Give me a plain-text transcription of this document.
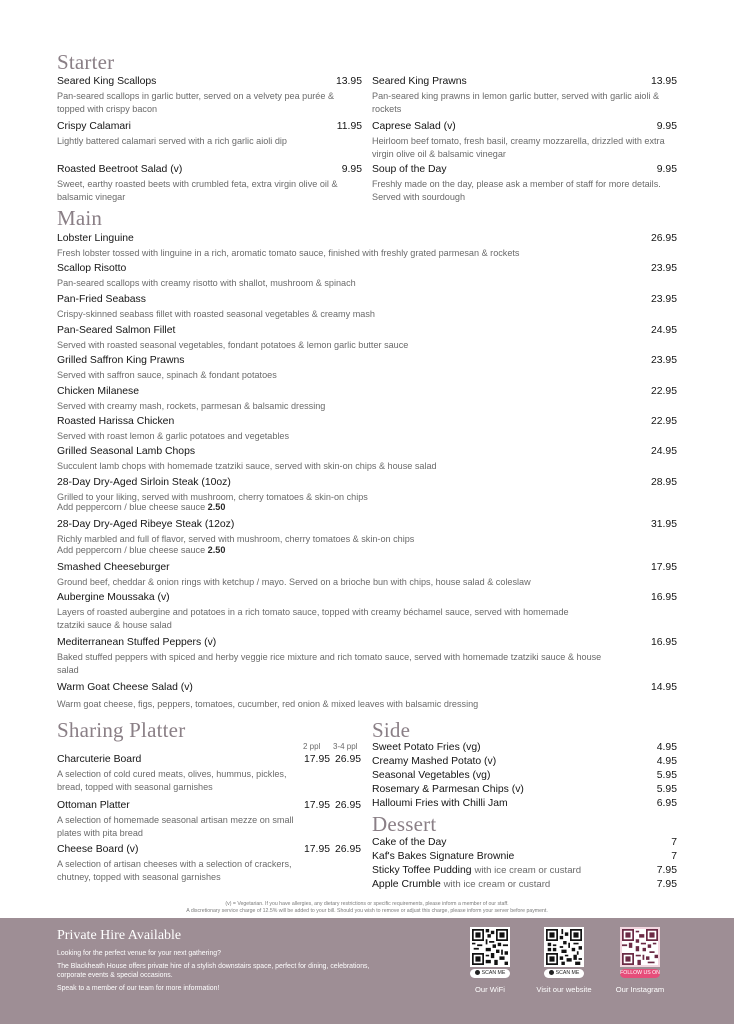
Starter
Seared King Scallops	13.95
Pan-seared scallops in garlic butter, served on a velvety pea purée & topped with crispy bacon
Crispy Calamari	11.95
Lightly battered calamari served with a rich garlic aioli dip
Roasted Beetroot Salad (v)	9.95
Sweet, earthy roasted beets with crumbled feta, extra virgin olive oil & balsamic vinegar
Seared King Prawns	13.95
Pan-seared king prawns in lemon garlic butter, served with garlic aioli & rockets
Caprese Salad (v)	9.95
Heirloom beef tomato, fresh basil, creamy mozzarella, drizzled with extra virgin olive oil & balsamic vinegar
Soup of the Day	9.95
Freshly made on the day, please ask a member of staff for more details. Served with sourdough
Main
Lobster Linguine	26.95
Fresh lobster tossed with linguine in a rich, aromatic tomato sauce, finished with freshly grated parmesan & rockets
Scallop Risotto	23.95
Pan-seared scallops with creamy risotto with shallot, mushroom & spinach
Pan-Fried Seabass	23.95
Crispy-skinned seabass fillet with roasted seasonal vegetables & creamy mash
Pan-Seared Salmon Fillet	24.95
Served with roasted seasonal vegetables, fondant potatoes & lemon garlic butter sauce
Grilled Saffron King Prawns	23.95
Served with saffron sauce, spinach & fondant potatoes
Chicken Milanese	22.95
Served with creamy mash, rockets, parmesan & balsamic dressing
Roasted Harissa Chicken	22.95
Served with roast lemon & garlic potatoes and vegetables
Grilled Seasonal Lamb Chops	24.95
Succulent lamb chops with homemade tzatziki sauce, served with skin-on chips & house salad
28-Day Dry-Aged Sirloin Steak (10oz)	28.95
Grilled to your liking, served with mushroom, cherry tomatoes & skin-on chips
Add peppercorn / blue cheese sauce 2.50
28-Day Dry-Aged Ribeye Steak (12oz)	31.95
Richly marbled and full of flavor, served with mushroom, cherry tomatoes & skin-on chips
Add peppercorn / blue cheese sauce 2.50
Smashed Cheeseburger	17.95
Ground beef, cheddar & onion rings with ketchup / mayo. Served on a brioche bun with chips, house salad & coleslaw
Aubergine Moussaka (v)	16.95
Layers of roasted aubergine and potatoes in a rich tomato sauce, topped with creamy béchamel sauce, served with homemade tzatziki sauce & house salad
Mediterranean Stuffed Peppers (v)	16.95
Baked stuffed peppers with spiced and herby veggie rice mixture and rich tomato sauce, served with homemade tzatziki sauce & house salad
Warm Goat Cheese Salad (v)	14.95
Warm goat cheese, figs, peppers, tomatoes, cucumber, red onion & mixed leaves with balsamic dressing
Sharing Platter
2 ppl 3-4 ppl
Charcuterie Board	17.95 26.95
A selection of cold cured meats, olives, hummus, pickles, bread, topped with seasonal garnishes
Ottoman Platter	17.95 26.95
A selection of homemade seasonal artisan mezze on small plates with pita bread
Cheese Board (v)	17.95 26.95
A selection of artisan cheeses with a selection of crackers, chutney, topped with seasonal garnishes
Side
Sweet Potato Fries (vg)	4.95
Creamy Mashed Potato (v)	4.95
Seasonal Vegetables (vg)	5.95
Rosemary & Parmesan Chips (v)	5.95
Halloumi Fries with Chilli Jam	6.95
Dessert
Cake of the Day	7
Kaf's Bakes Signature Brownie	7
Sticky Toffee Pudding with ice cream or custard	7.95
Apple Crumble with ice cream or custard	7.95
(v) = Vegetarian. If you have allergies, any dietary restrictions or specific requirements, please inform a member of our staff.
A discretionary service charge of 12.5% will be added to your bill. Should you wish to remove or adjust this charge, please inform your server before payment.
Private Hire Available
Looking for the perfect venue for your next gathering?
The Blackheath House offers private hire of a stylish downstairs space, perfect for dining, celebrations,
corporate events & special occasions.
Speak to a member of our team for more information!
SCAN ME
Our WiFi
SCAN ME
Visit our website
FOLLOW US ON
Our Instagram
